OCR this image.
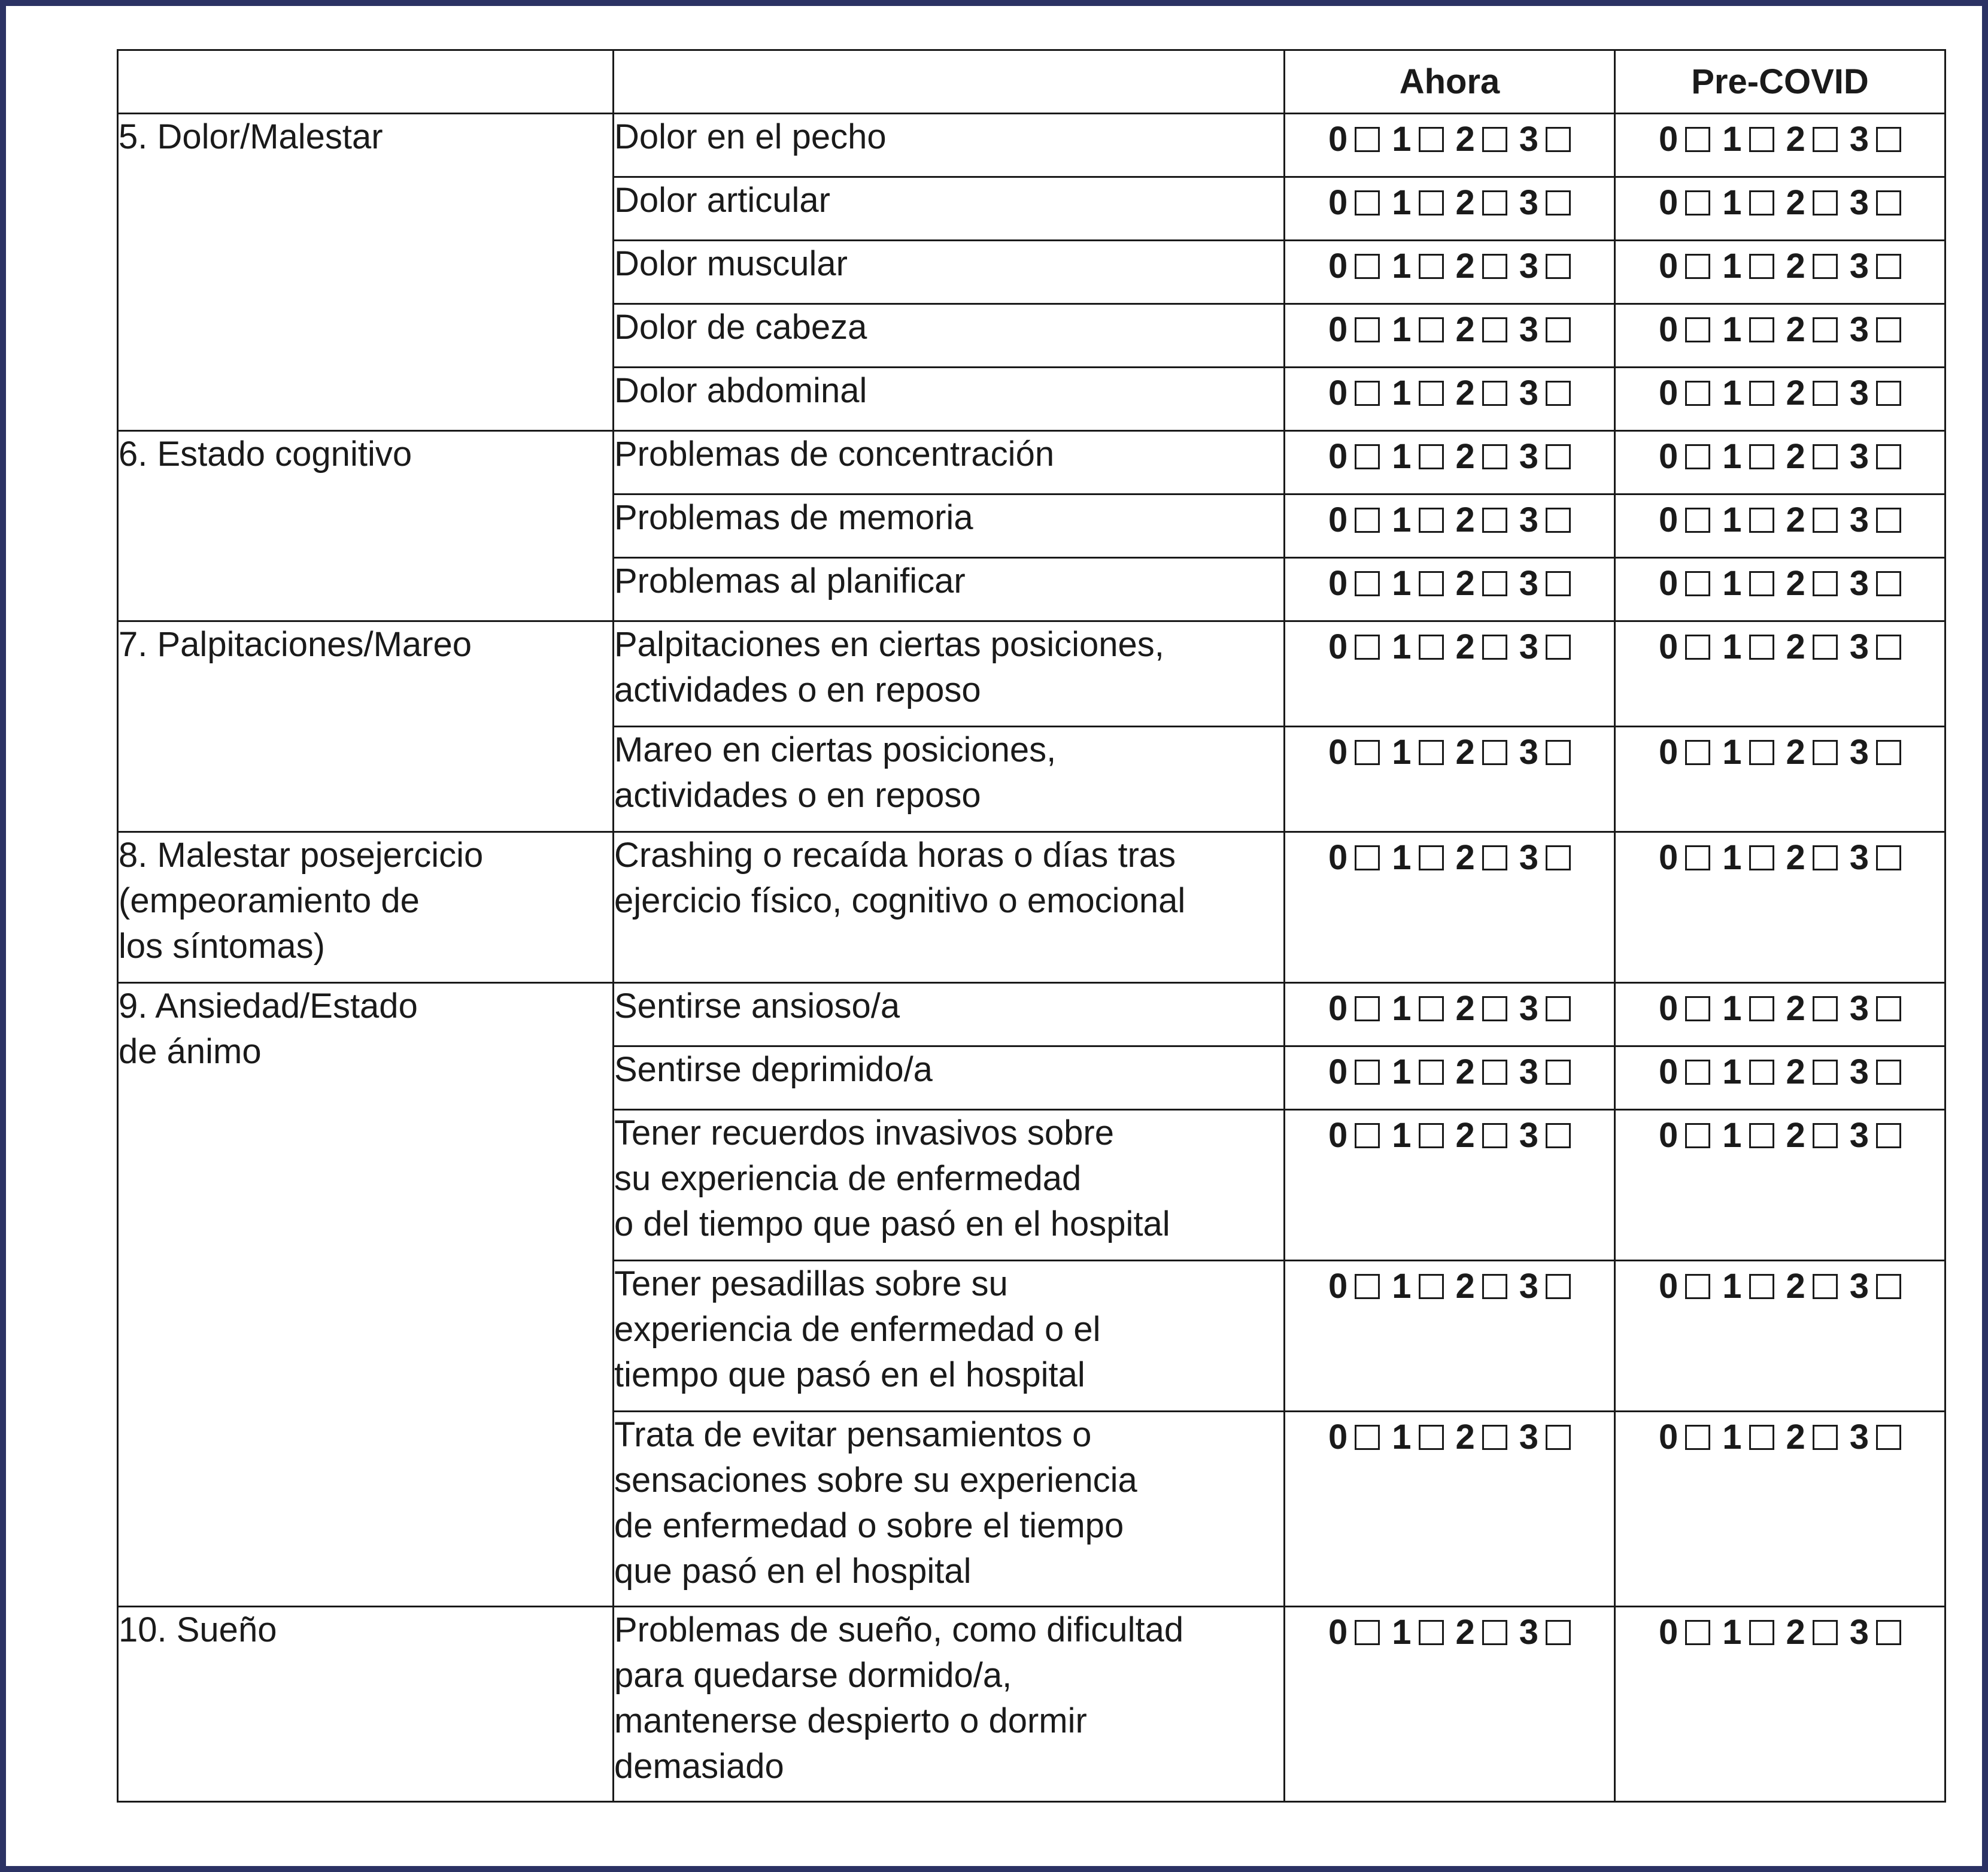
		Ahora	Pre-COVID

5. Dolor/Malestar	Dolor en el pecho	0 1 2 3	0 1 2 3

	Dolor articular	0 1 2 3	0 1 2 3

	Dolor muscular	0 1 2 3	0 1 2 3

	Dolor de cabeza	0 1 2 3	0 1 2 3

	Dolor abdominal	0 1 2 3	0 1 2 3

6. Estado cognitivo	Problemas de concentración	0 1 2 3	0 1 2 3

	Problemas de memoria	0 1 2 3	0 1 2 3

	Problemas al planificar	0 1 2 3	0 1 2 3

7. Palpitaciones/Mareo	Palpitaciones en ciertas posiciones,
actividades o en reposo	0 1 2 3	0 1 2 3

	Mareo en ciertas posiciones,
actividades o en reposo	0 1 2 3	0 1 2 3

8. Malestar posejercicio
(empeoramiento de
los síntomas)	Crashing o recaída horas o días tras
ejercicio físico, cognitivo o emocional	0 1 2 3	0 1 2 3

9. Ansiedad/Estado
de ánimo	Sentirse ansioso/a	0 1 2 3	0 1 2 3

	Sentirse deprimido/a	0 1 2 3	0 1 2 3

	Tener recuerdos invasivos sobre
su experiencia de enfermedad
o del tiempo que pasó en el hospital	0 1 2 3	0 1 2 3

	Tener pesadillas sobre su
experiencia de enfermedad o el
tiempo que pasó en el hospital	0 1 2 3	0 1 2 3

	Trata de evitar pensamientos o
sensaciones sobre su experiencia
de enfermedad o sobre el tiempo
que pasó en el hospital	0 1 2 3	0 1 2 3

10. Sueño	Problemas de sueño, como dificultad
para quedarse dormido/a,
mantenerse despierto o dormir
demasiado	0 1 2 3	0 1 2 3
